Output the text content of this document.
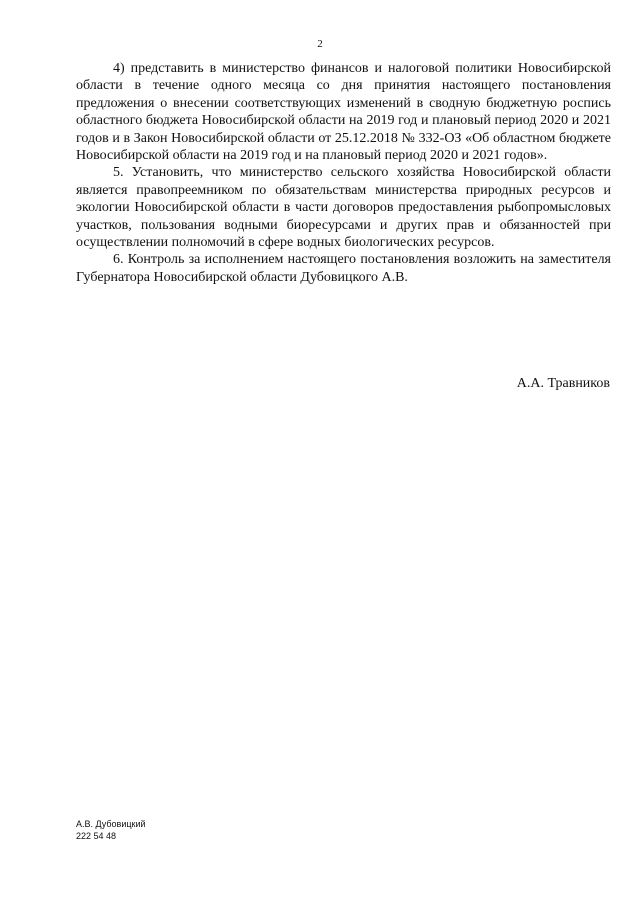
2

4) представить в министерство финансов и налоговой политики Новосибирской области в течение одного месяца со дня принятия настоящего постановления предложения о внесении соответствующих изменений в сводную бюджетную роспись областного бюджета Новосибирской области на 2019 год и плановый период 2020 и 2021 годов и в Закон Новосибирской области от 25.12.2018 № 332-ОЗ «Об областном бюджете Новосибирской области на 2019 год и на плановый период 2020 и 2021 годов».

5. Установить, что министерство сельского хозяйства Новосибирской области является правопреемником по обязательствам министерства природных ресурсов и экологии Новосибирской области в части договоров предоставления рыбопромысловых участков, пользования водными биоресурсами и других прав и обязанностей при осуществлении полномочий в сфере водных биологических ресурсов.

6. Контроль за исполнением настоящего постановления возложить на заместителя Губернатора Новосибирской области Дубовицкого А.В.

А.А. Травников
А.В. Дубовицкий
222 54 48
